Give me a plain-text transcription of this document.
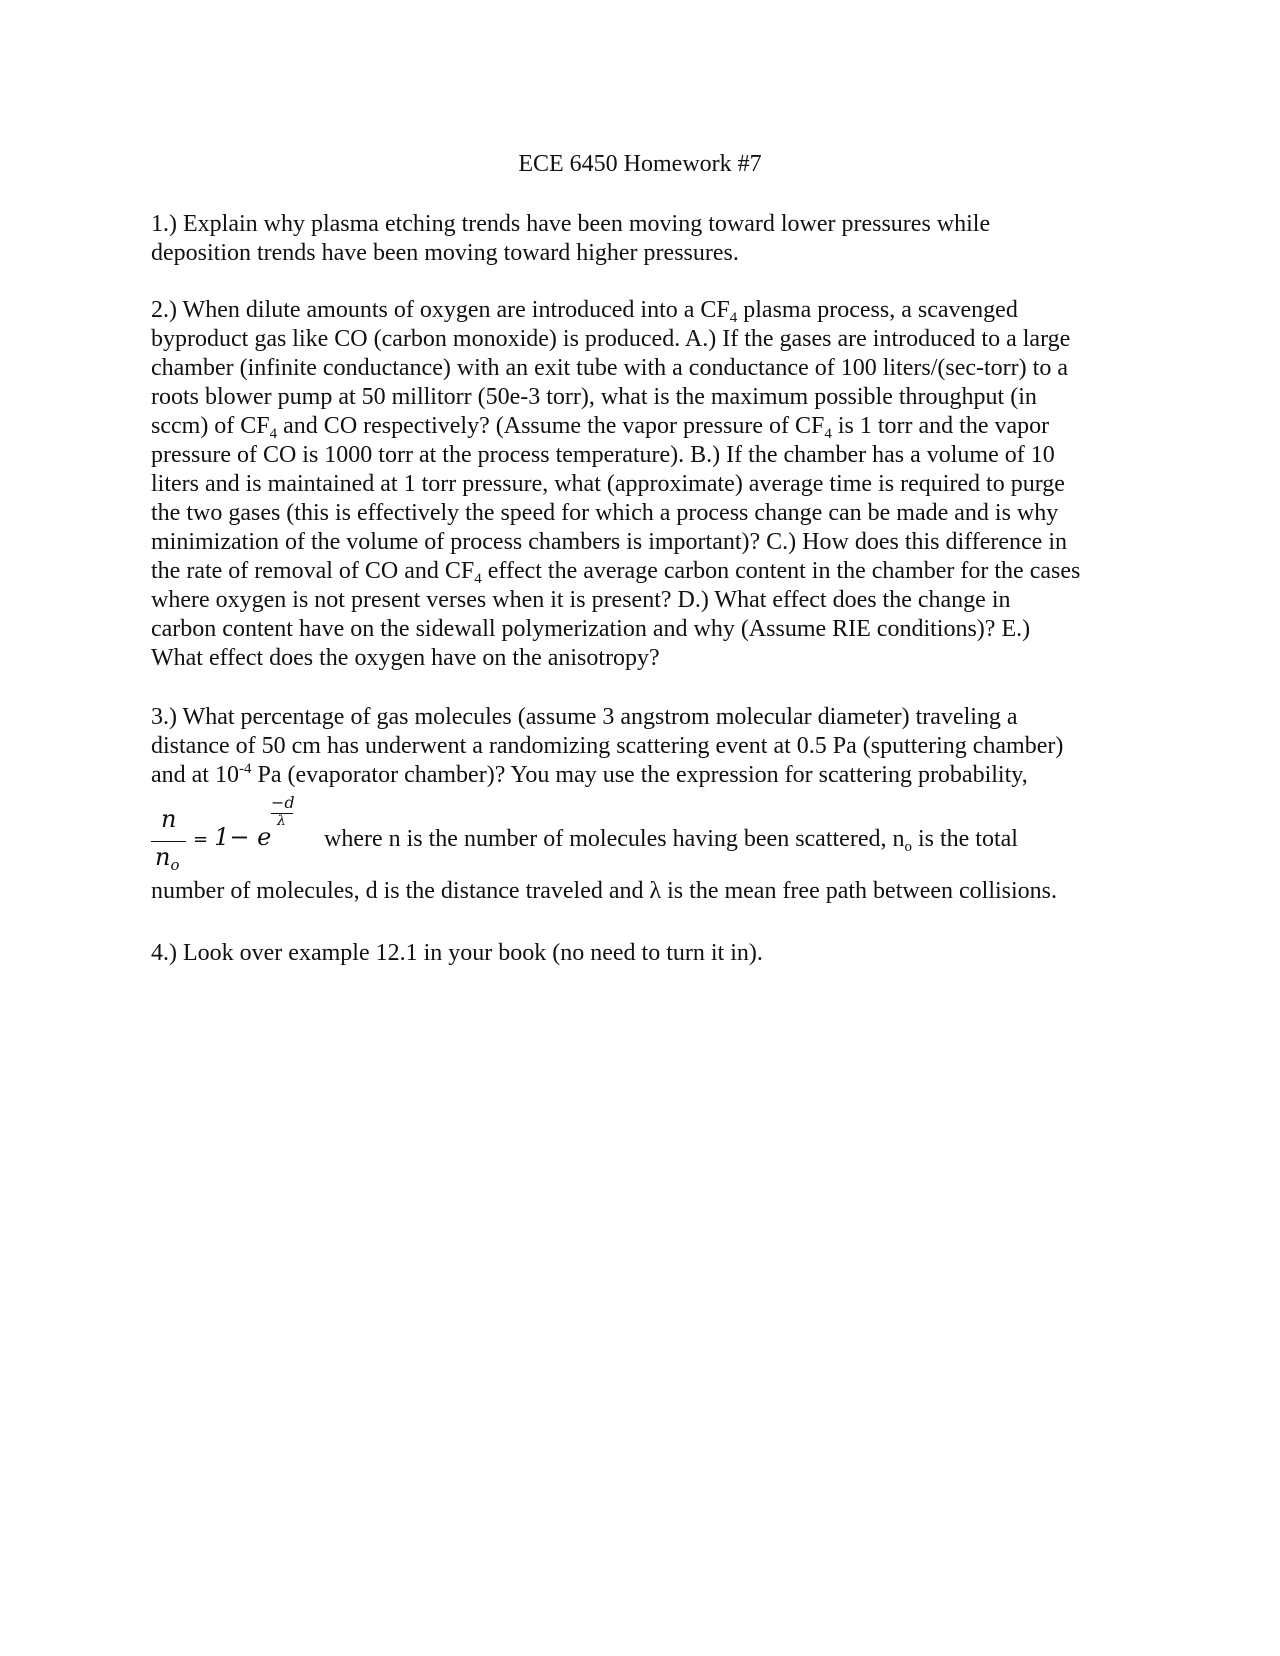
ECE 6450 Homework #7
1.) Explain why plasma etching trends have been moving toward lower pressures while
deposition trends have been moving toward higher pressures.
2.) When dilute amounts of oxygen are introduced into a $CF_4$ plasma process, a scavenged
byproduct gas like CO (carbon monoxide) is produced. A.) If the gases are introduced to a large
chamber (infinite conductance) with an exit tube with a conductance of 100 liters/(sec-torr) to a
roots blower pump at 50 millitorr (50e-3 torr), what is the maximum possible throughput (in
sccm) of $CF_4$ and CO respectively? (Assume the vapor pressure of $CF_4$ is 1 torr and the vapor
pressure of CO is 1000 torr at the process temperature). B.) If the chamber has a volume of 10
liters and is maintained at 1 torr pressure, what (approximate) average time is required to purge
the two gases (this is effectively the speed for which a process change can be made and is why
minimization of the volume of process chambers is important)? C.) How does this difference in
the rate of removal of CO and $CF_4$ effect the average carbon content in the chamber for the cases
where oxygen is not present verses when it is present? D.) What effect does the change in
carbon content have on the sidewall polymerization and why (Assume RIE conditions)? E.)
What effect does the oxygen have on the anisotropy?
3.) What percentage of gas molecules (assume 3 angstrom molecular diameter) traveling a
distance of 50 cm has underwent a randomizing scattering event at 0.5 Pa (sputtering chamber)
and at $10^{-4}$ Pa (evaporator chamber)? You may use the expression for scattering probability,
n
$n_o$
= 1− e
−d
λ
where n is the number of molecules having been scattered, $n_o$ is the total
number of molecules, d is the distance traveled and λ is the mean free path between collisions.
4.) Look over example 12.1 in your book (no need to turn it in).
